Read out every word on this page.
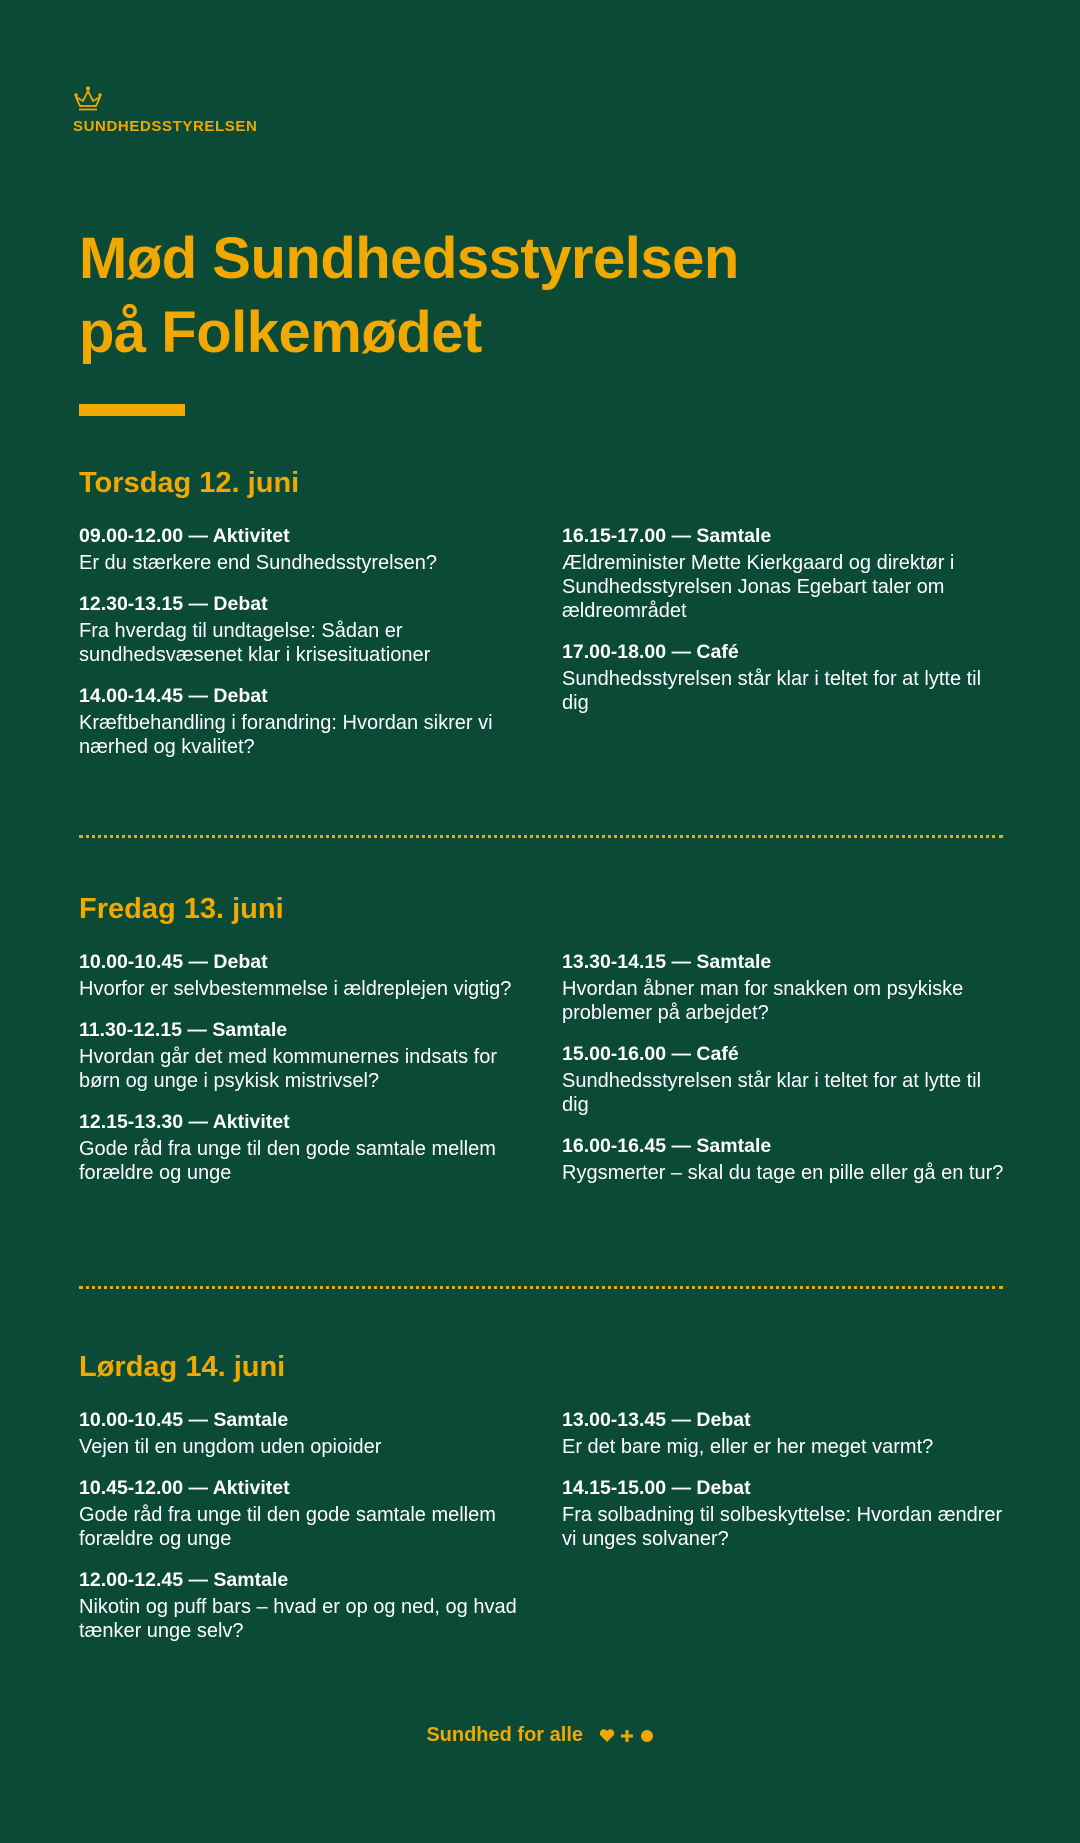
SUNDHEDSSTYRELSEN
Mød Sundhedsstyrelsen
på Folkemødet
Torsdag 12. juni
09.00-12.00 — Aktivitet
Er du stærkere end Sundhedsstyrelsen?
12.30-13.15 — Debat
Fra hverdag til undtagelse: Sådan er sundhedsvæsenet klar i krisesituationer
14.00-14.45 — Debat
Kræftbehandling i forandring: Hvordan sikrer vi nærhed og kvalitet?
16.15-17.00 — Samtale
Ældreminister Mette Kierkgaard og direktør i Sundhedsstyrelsen Jonas Egebart taler om ældreområdet
17.00-18.00 — Café
Sundhedsstyrelsen står klar i teltet for at lytte til dig
Fredag 13. juni
10.00-10.45 — Debat
Hvorfor er selvbestemmelse i ældreplejen vigtig?
11.30-12.15 — Samtale
Hvordan går det med kommunernes indsats for børn og unge i psykisk mistrivsel?
12.15-13.30 — Aktivitet
Gode råd fra unge til den gode samtale mellem forældre og unge
13.30-14.15 — Samtale
Hvordan åbner man for snakken om psykiske problemer på arbejdet?
15.00-16.00 — Café
Sundhedsstyrelsen står klar i teltet for at lytte til dig
16.00-16.45 — Samtale
Rygsmerter – skal du tage en pille eller gå en tur?
Lørdag 14. juni
10.00-10.45 — Samtale
Vejen til en ungdom uden opioider
10.45-12.00 — Aktivitet
Gode råd fra unge til den gode samtale mellem forældre og unge
12.00-12.45 — Samtale
Nikotin og puff bars – hvad er op og ned, og hvad tænker unge selv?
13.00-13.45 — Debat
Er det bare mig, eller er her meget varmt?
14.15-15.00 — Debat
Fra solbadning til solbeskyttelse: Hvordan ændrer vi unges solvaner?
Sundhed for alle
